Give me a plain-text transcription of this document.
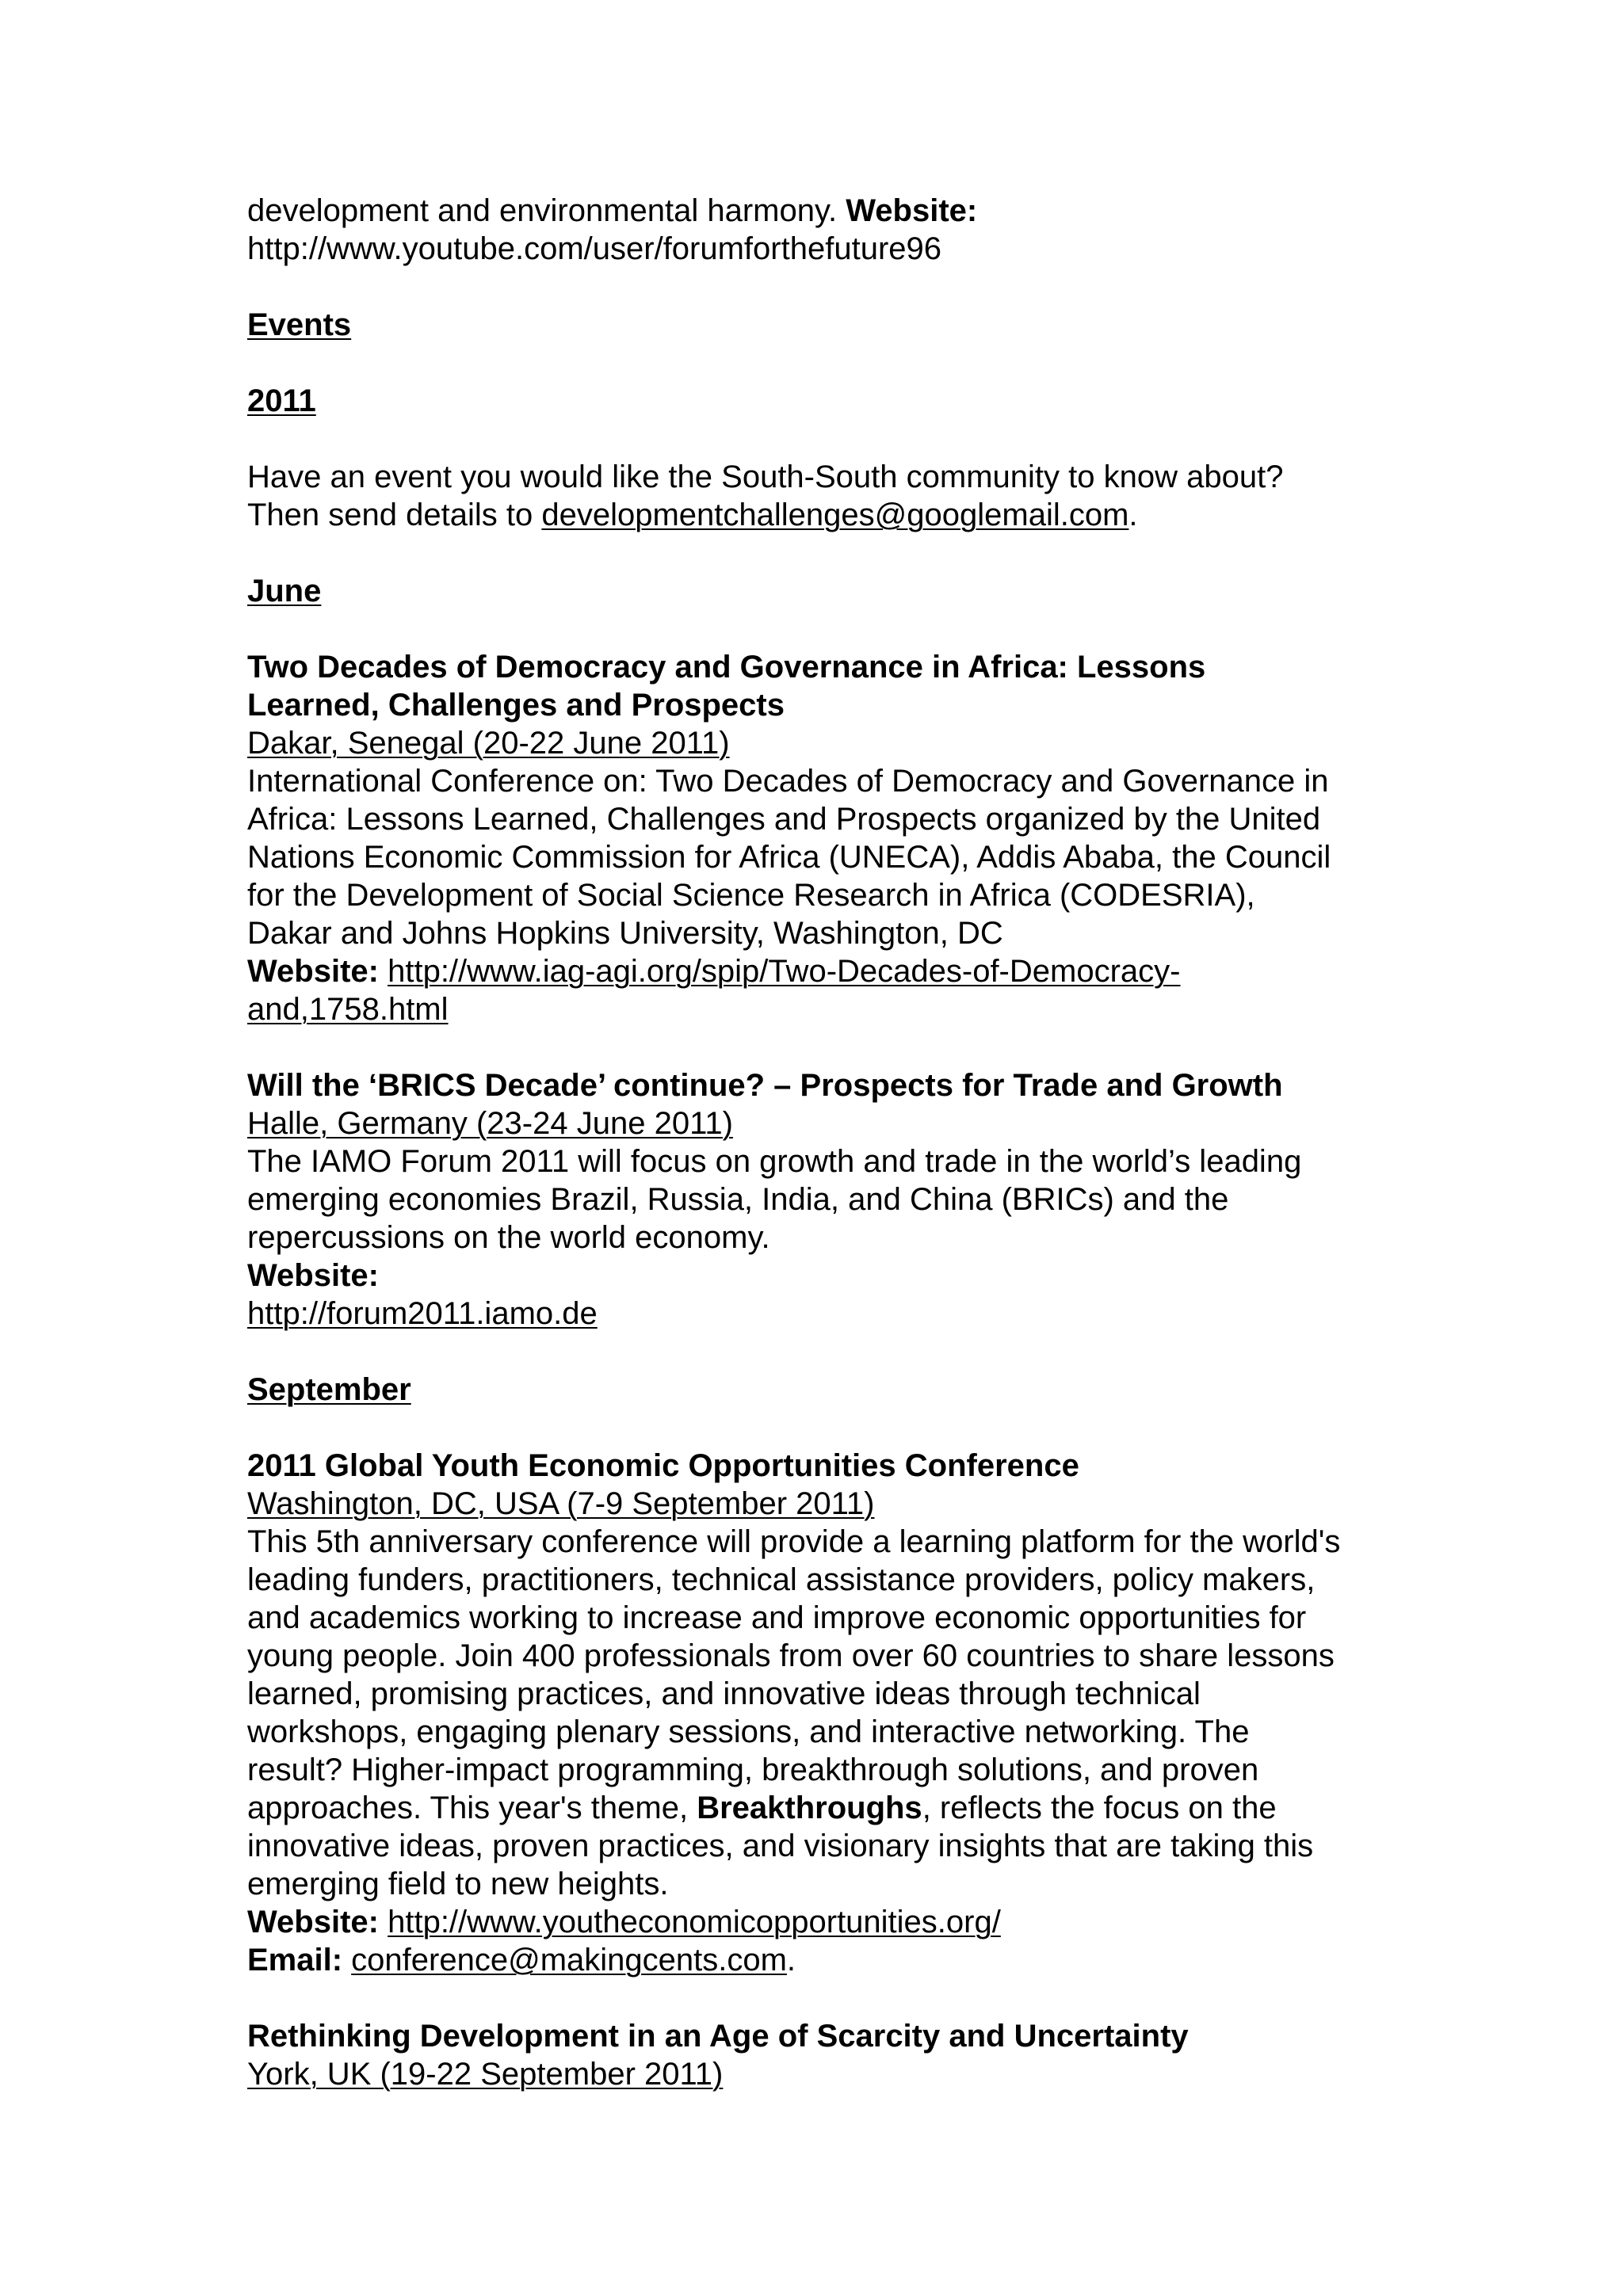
development and environmental harmony. Website:

http://www.youtube.com/user/forumforthefuture96

Events

2011

Have an event you would like the South-South community to know about?

Then send details to developmentchallenges@googlemail.com.

June

Two Decades of Democracy and Governance in Africa: Lessons

Learned, Challenges and Prospects

Dakar, Senegal (20-22 June 2011)

International Conference on: Two Decades of Democracy and Governance in

Africa: Lessons Learned, Challenges and Prospects organized by the United

Nations Economic Commission for Africa (UNECA), Addis Ababa, the Council

for the Development of Social Science Research in Africa (CODESRIA),

Dakar and Johns Hopkins University, Washington, DC

Website: http://www.iag-agi.org/spip/Two-Decades-of-Democracy-

and,1758.html

Will the ‘BRICS Decade’ continue? – Prospects for Trade and Growth

Halle, Germany (23-24 June 2011)

The IAMO Forum 2011 will focus on growth and trade in the world’s leading

emerging economies Brazil, Russia, India, and China (BRICs) and the

repercussions on the world economy.

Website:

http://forum2011.iamo.de

September

2011 Global Youth Economic Opportunities Conference

Washington, DC, USA (7-9 September 2011)

This 5th anniversary conference will provide a learning platform for the world's

leading funders, practitioners, technical assistance providers, policy makers,

and academics working to increase and improve economic opportunities for

young people. Join 400 professionals from over 60 countries to share lessons

learned, promising practices, and innovative ideas through technical

workshops, engaging plenary sessions, and interactive networking. The

result? Higher-impact programming, breakthrough solutions, and proven

approaches. This year's theme, Breakthroughs, reflects the focus on the

innovative ideas, proven practices, and visionary insights that are taking this

emerging field to new heights.

Website: http://www.youtheconomicopportunities.org/

Email: conference@makingcents.com.

Rethinking Development in an Age of Scarcity and Uncertainty

York, UK (19-22 September 2011)
